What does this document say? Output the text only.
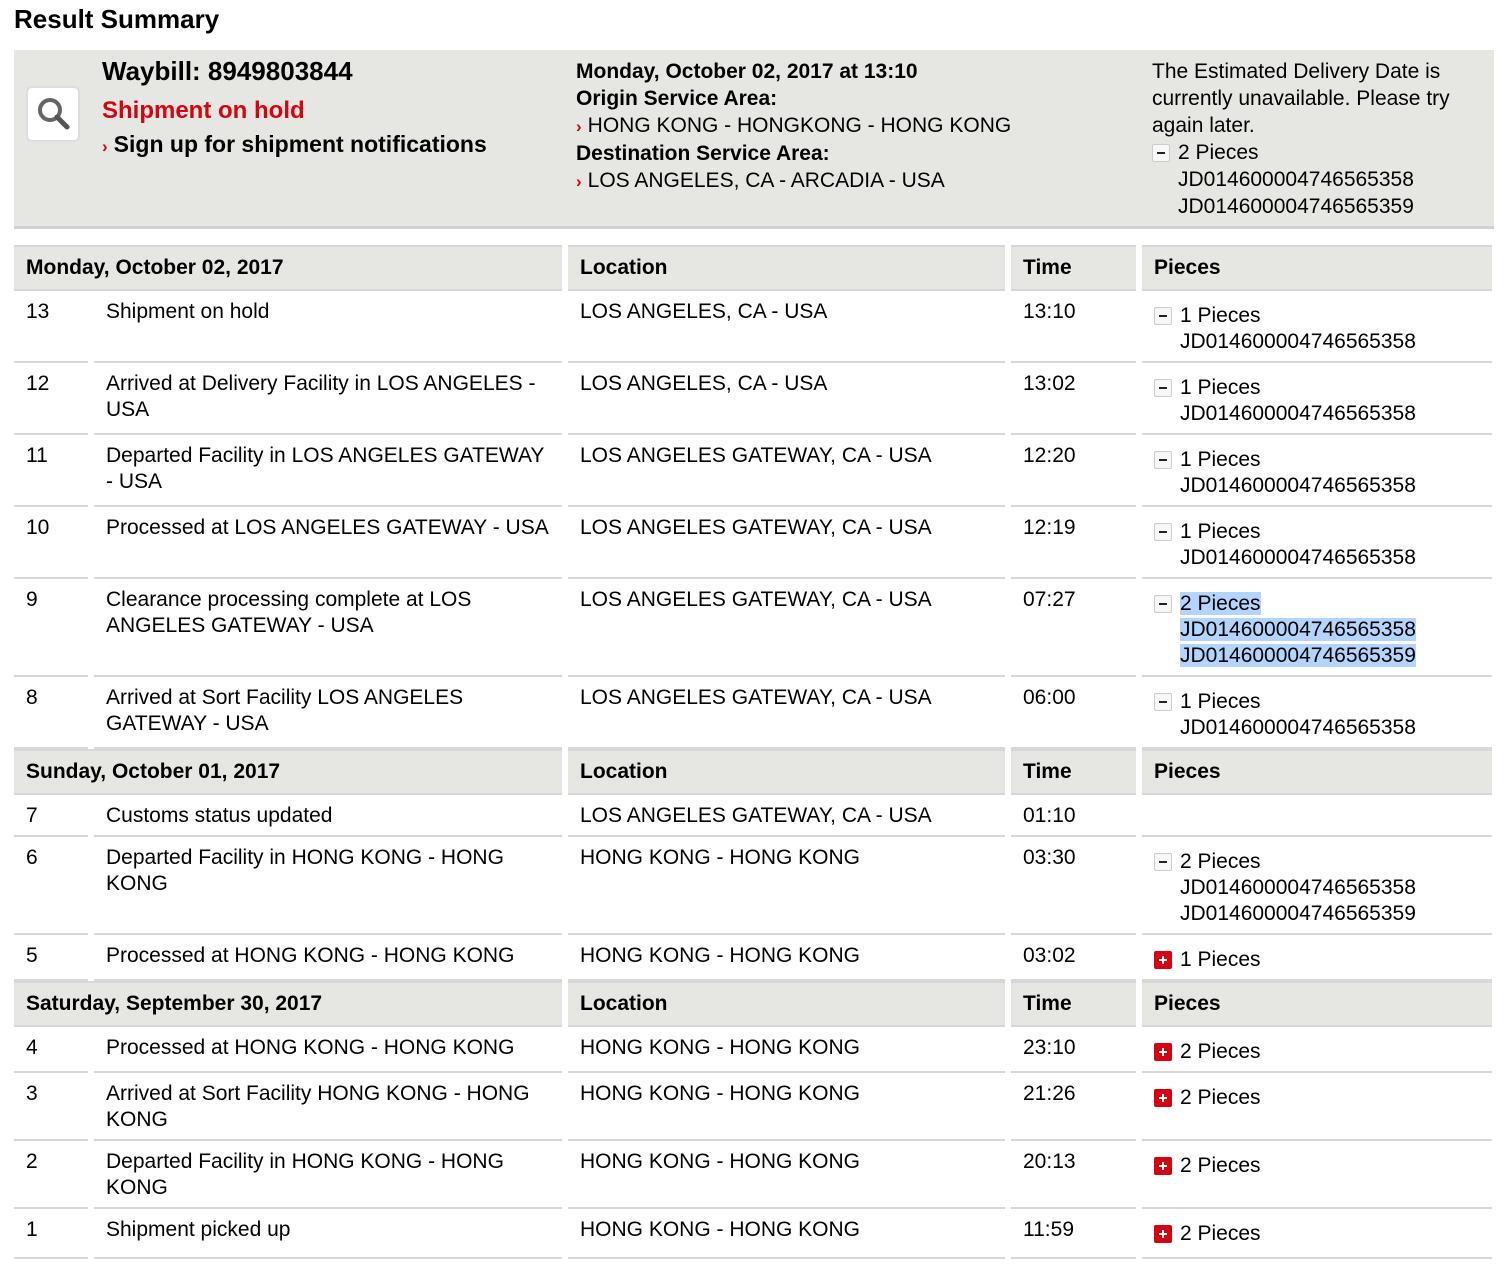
Result Summary
Waybill: 8949803844
Shipment on hold
› Sign up for shipment notifications
Monday, October 02, 2017 at 13:10
Origin Service Area:
› HONG KONG - HONGKONG - HONG KONG
Destination Service Area:
› LOS ANGELES, CA - ARCADIA - USA
The Estimated Delivery Date is currently unavailable. Please try again later.
2 Pieces
JD014600004746565358
JD014600004746565359
Monday, October 02, 2017		Location	Time	Pieces
13	Shipment on hold	LOS ANGELES, CA - USA	13:10	1 Pieces
JD014600004746565358

12	Arrived at Delivery Facility in LOS ANGELES - USA	LOS ANGELES, CA - USA	13:02	1 Pieces
JD014600004746565358

11	Departed Facility in LOS ANGELES GATEWAY - USA	LOS ANGELES GATEWAY, CA - USA	12:20	1 Pieces
JD014600004746565358

10	Processed at LOS ANGELES GATEWAY - USA	LOS ANGELES GATEWAY, CA - USA	12:19	1 Pieces
JD014600004746565358

9	Clearance processing complete at LOS ANGELES GATEWAY - USA	LOS ANGELES GATEWAY, CA - USA	07:27	2 Pieces
JD014600004746565358
JD014600004746565359

8	Arrived at Sort Facility LOS ANGELES GATEWAY - USA	LOS ANGELES GATEWAY, CA - USA	06:00	1 Pieces
JD014600004746565358

Sunday, October 01, 2017		Location	Time	Pieces
7	Customs status updated	LOS ANGELES GATEWAY, CA - USA	01:10	
6	Departed Facility in HONG KONG - HONG KONG	HONG KONG - HONG KONG	03:30	2 Pieces
JD014600004746565358
JD014600004746565359

5	Processed at HONG KONG - HONG KONG	HONG KONG - HONG KONG	03:02	1 Pieces

Saturday, September 30, 2017		Location	Time	Pieces
4	Processed at HONG KONG - HONG KONG	HONG KONG - HONG KONG	23:10	2 Pieces

3	Arrived at Sort Facility HONG KONG - HONG KONG	HONG KONG - HONG KONG	21:26	2 Pieces

2	Departed Facility in HONG KONG - HONG KONG	HONG KONG - HONG KONG	20:13	2 Pieces

1	Shipment picked up	HONG KONG - HONG KONG	11:59	2 Pieces
